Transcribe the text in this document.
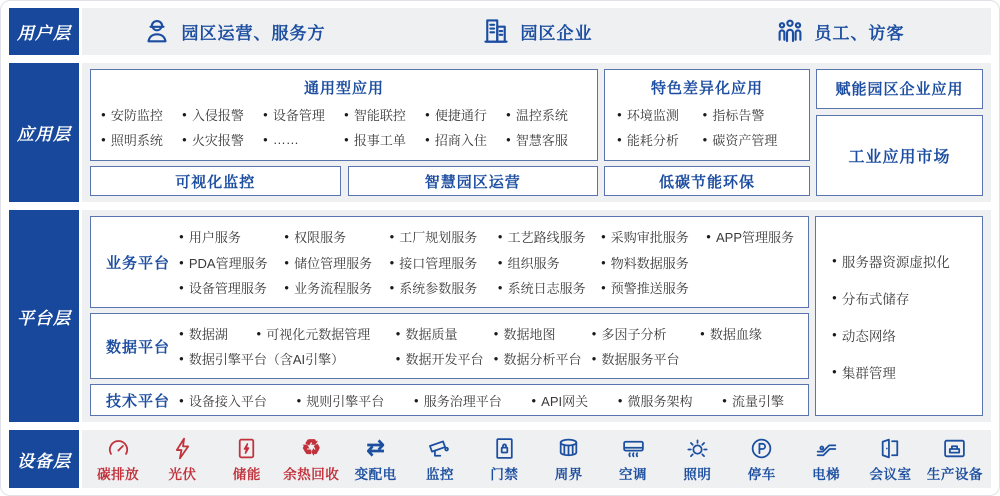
用户层	园区运营、服务方	园区企业	员工、访客
应用层
通用型应用
● 安防监控	● 入侵报警	● 设备管理	● 智能联控	● 便捷通行	● 温控系统
● 照明系统	● 火灾报警	● ……	● 报事工单	● 招商入住	● 智慧客服
可视化监控	智慧园区运营
特色差异化应用
● 环境监测	● 指标告警
● 能耗分析	● 碳资产管理
低碳节能环保
赋能园区企业应用
工业应用市场
平台层
业务平台
● 用户服务	● 权限服务	● 工厂规划服务	● 工艺路线服务	● 采购审批服务	● APP管理服务
● PDA管理服务	● 储位管理服务	● 接口管理服务	● 组织服务	● 物料数据服务
● 设备管理服务	● 业务流程服务	● 系统参数服务	● 系统日志服务	● 预警推送服务
数据平台
● 数据湖	● 可视化元数据管理	● 数据质量	● 数据地图	● 多因子分析	● 数据血缘
● 数据引擎平台（含AI引擎）	● 数据开发平台	● 数据分析平台	● 数据服务平台
技术平台	● 设备接入平台	● 规则引擎平台	● 服务治理平台	● API网关	● 微服务架构	● 流量引擎
● 服务器资源虚拟化
● 分布式储存
● 动态网络
● 集群管理
设备层
碳排放 光伏	储能
♻
余热回收
⇄
变配电 监控	门禁	周界	空调	照明	停车	电梯 会议室 生产设备
